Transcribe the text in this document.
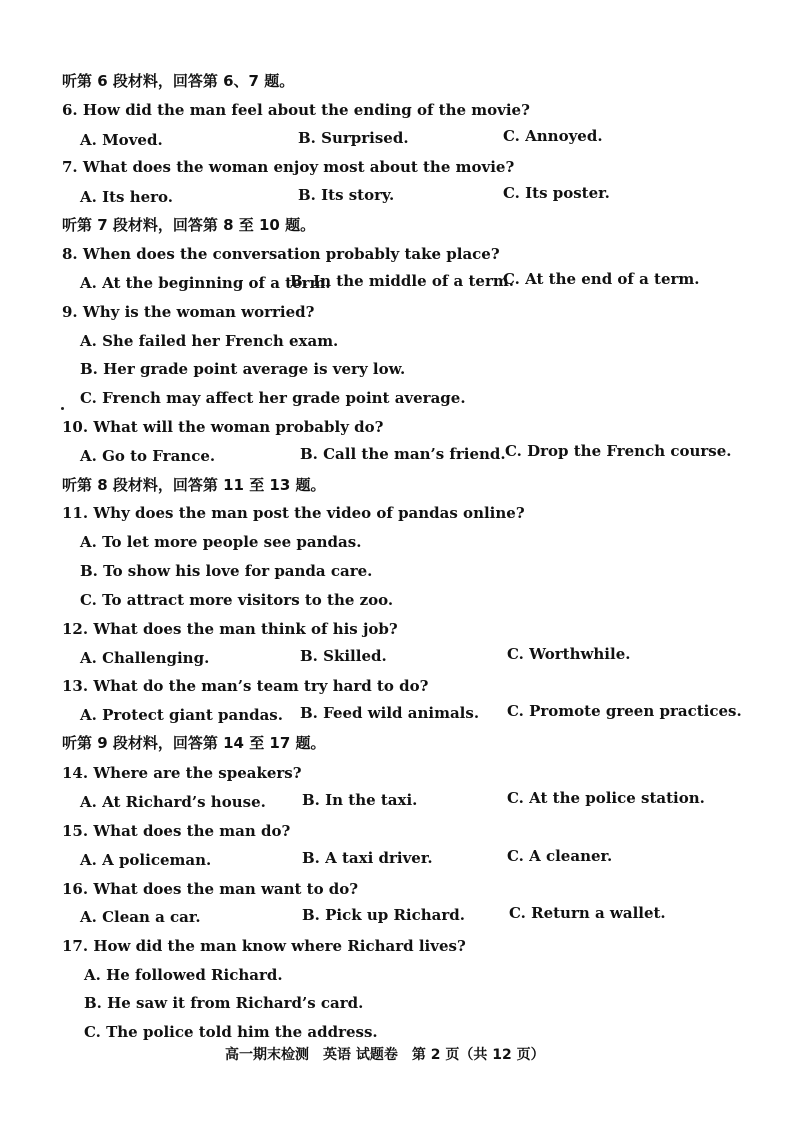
听第 6 段材料，回答第 6、7 题。
6. How did the man feel about the ending of the movie?
A. Moved.	B. Surprised.	C. Annoyed.
7. What does the woman enjoy most about the movie?
A. Its hero.	B. Its story.	C. Its poster.
听第 7 段材料，回答第 8 至 10 题。
8. When does the conversation probably take place?
A. At the beginning of a term.
B. In the middle of a term.
C. At the end of a term.
9. Why is the woman worried?
A. She failed her French exam.
B. Her grade point average is very low.
C. French may affect her grade point average.
10. What will the woman probably do?
A. Go to France.	B. Call the man’s friend. C. Drop the French course.
听第 8 段材料，回答第 11 至 13 题。
11. Why does the man post the video of pandas online?
A. To let more people see pandas.
B. To show his love for panda care.
C. To attract more visitors to the zoo.
12. What does the man think of his job?
A. Challenging.	B. Skilled.	C. Worthwhile.
13. What do the man’s team try hard to do?
A. Protect giant pandas. B. Feed wild animals. C. Promote green practices.
听第 9 段材料，回答第 14 至 17 题。
14. Where are the speakers?
A. At Richard’s house. B. In the taxi.	C. At the police station.
15. What does the man do?
A. A policeman.	B. A taxi driver.	C. A cleaner.
16. What does the man want to do?
A. Clean a car.	B. Pick up Richard.	C. Return a wallet.
17. How did the man know where Richard lives?
A. He followed Richard.
B. He saw it from Richard’s card.
C. The police told him the address.
高一期末检测　英语 试题卷　第 2 页（共 12 页）
